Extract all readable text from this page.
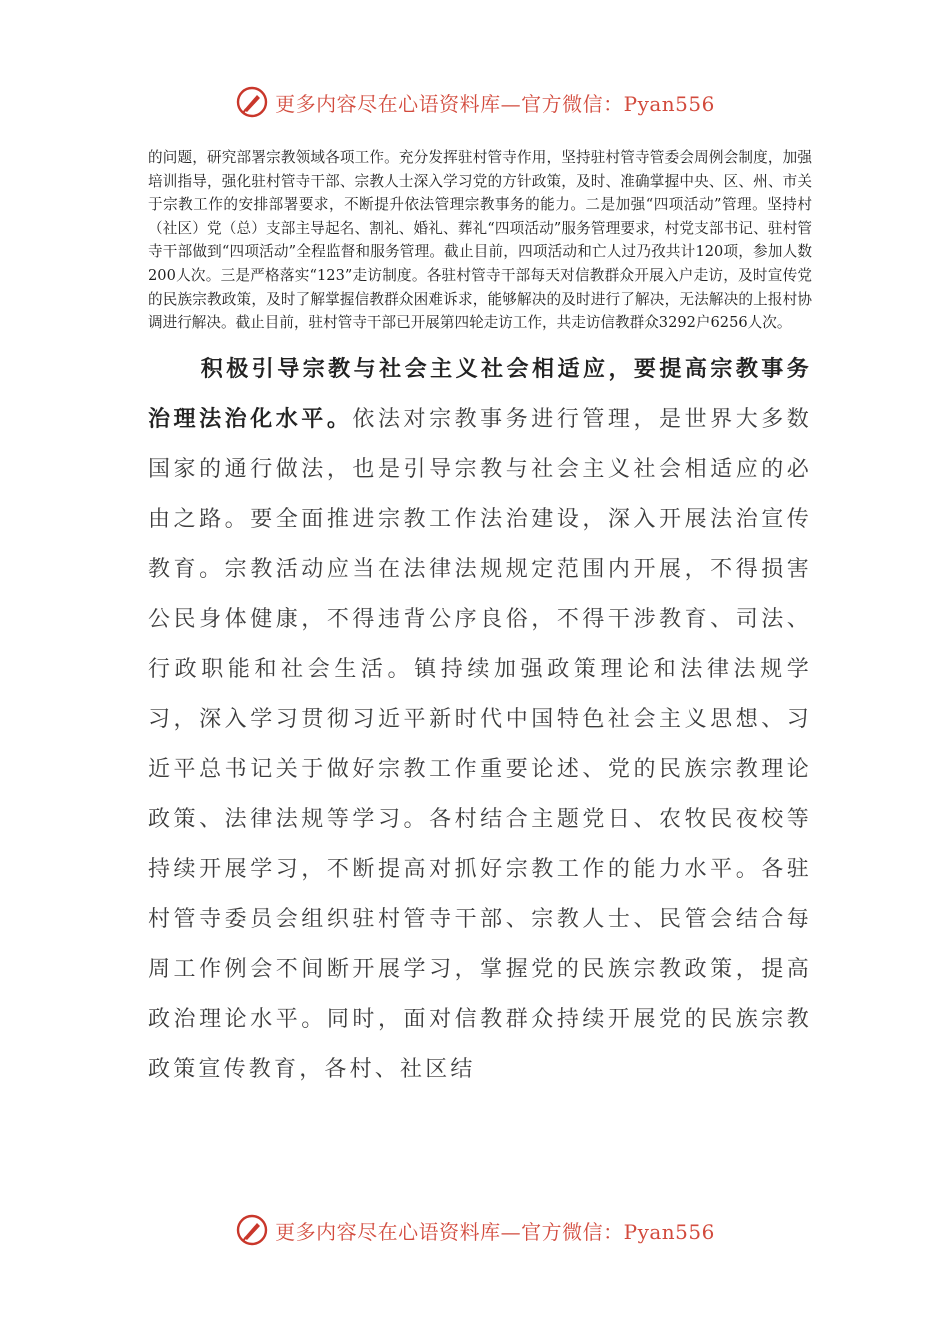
更多内容尽在心语资料库—官方微信：Pyan556

的问题，研究部署宗教领域各项工作。充分发挥驻村管寺作用，坚持驻村管寺管委会周例会制度，加强培训指导，强化驻村管寺干部、宗教人士深入学习党的方针政策，及时、准确掌握中央、区、州、市关于宗教工作的安排部署要求，不断提升依法管理宗教事务的能力。二是加强“四项活动”管理。坚持村（社区）党（总）支部主导起名、割礼、婚礼、葬礼“四项活动”服务管理要求，村党支部书记、驻村管寺干部做到“四项活动”全程监督和服务管理。截止目前，四项活动和亡人过乃孜共计120项，参加人数200人次。三是严格落实“123”走访制度。各驻村管寺干部每天对信教群众开展入户走访，及时宣传党的民族宗教政策，及时了解掌握信教群众困难诉求，能够解决的及时进行了解决，无法解决的上报村协调进行解决。截止目前，驻村管寺干部已开展第四轮走访工作，共走访信教群众3292户6256人次。

积极引导宗教与社会主义社会相适应，要提高宗教事务治理法治化水平。依法对宗教事务进行管理，是世界大多数国家的通行做法，也是引导宗教与社会主义社会相适应的必由之路。要全面推进宗教工作法治建设，深入开展法治宣传教育。宗教活动应当在法律法规规定范围内开展，不得损害公民身体健康，不得违背公序良俗，不得干涉教育、司法、行政职能和社会生活。镇持续加强政策理论和法律法规学习，深入学习贯彻习近平新时代中国特色社会主义思想、习近平总书记关于做好宗教工作重要论述、党的民族宗教理论政策、法律法规等学习。各村结合主题党日、农牧民夜校等持续开展学习，不断提高对抓好宗教工作的能力水平。各驻村管寺委员会组织驻村管寺干部、宗教人士、民管会结合每周工作例会不间断开展学习，掌握党的民族宗教政策，提高政治理论水平。同时，面对信教群众持续开展党的民族宗教政策宣传教育，各村、社区结

更多内容尽在心语资料库—官方微信：Pyan556
